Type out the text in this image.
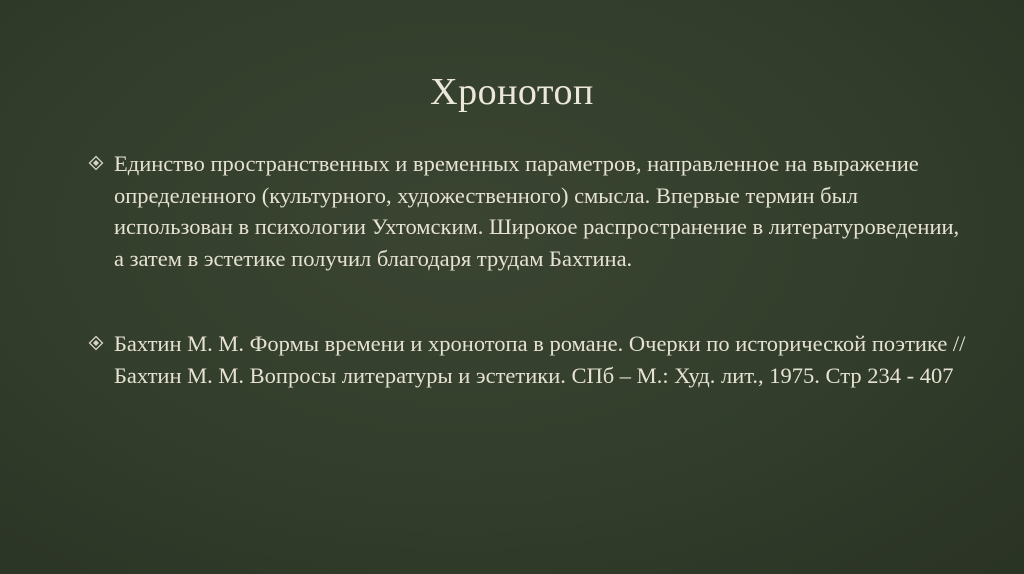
Хронотоп
Единство пространственных и временных параметров, направленное на выражение определенного (культурного, художественного) смысла. Впервые термин был использован в психологии Ухтомским. Широкое распространение в литературоведении, а затем в эстетике получил благодаря трудам Бахтина.
Бахтин М. М. Формы времени и хронотопа в романе. Очерки по исторической поэтике // Бахтин М. М. Вопросы литературы и эстетики. СПб – М.: Худ. лит., 1975. Стр 234 - 407
